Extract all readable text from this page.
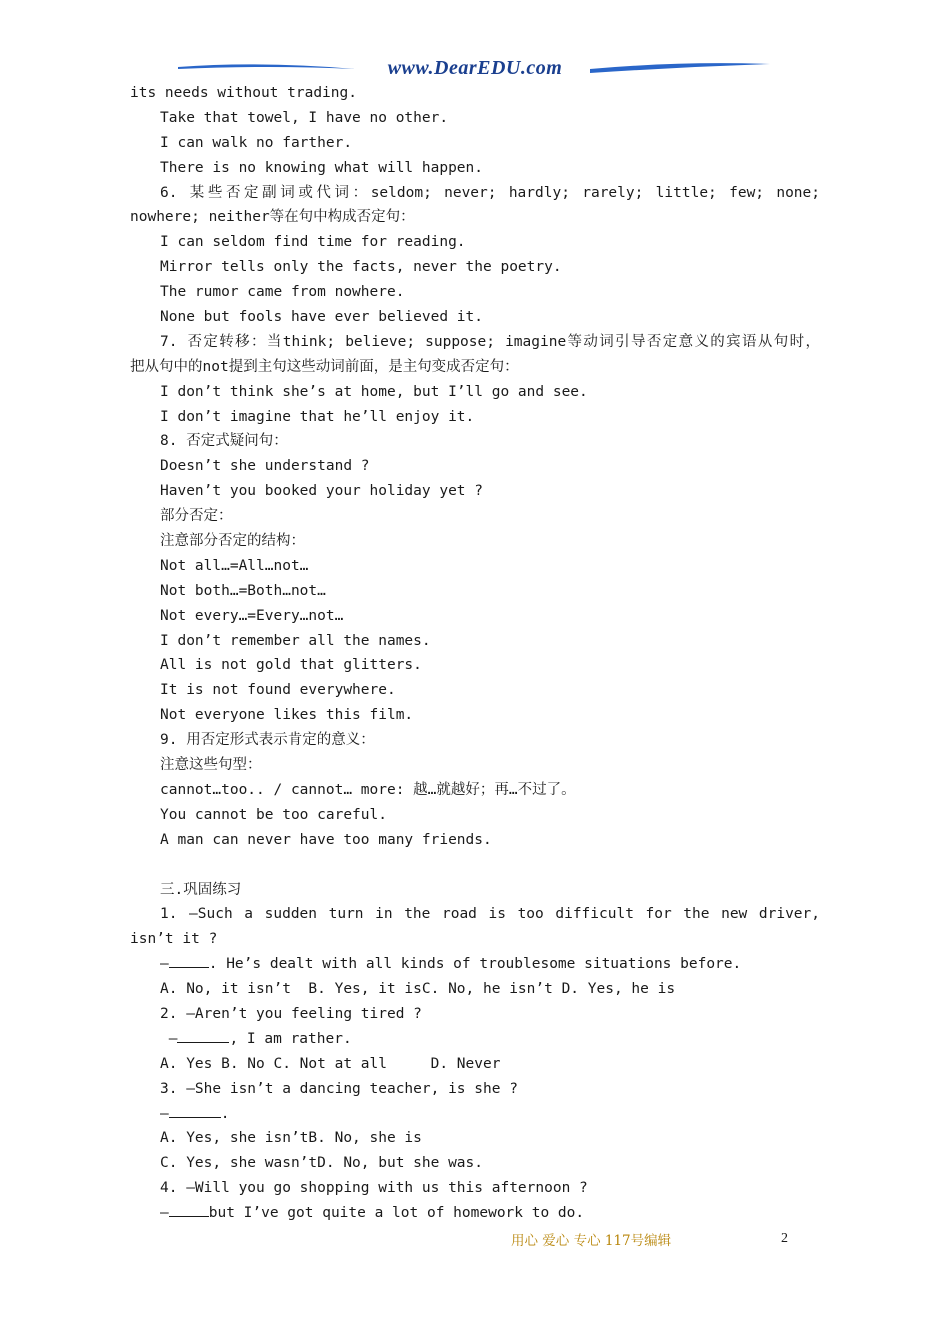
www.DearEDU.com
its needs without trading.
Take that towel, I have no other.
I can walk no farther.
There is no knowing what will happen.
6. 某些否定副词或代词：seldom; never; hardly; rarely; little; few; none;
nowhere; neither等在句中构成否定句：
I can seldom find time for reading.
Mirror tells only the facts, never the poetry.
The rumor came from nowhere.
None but fools have ever believed it.
7. 否定转移：当think; believe; suppose; imagine等动词引导否定意义的宾语从句时，
把从句中的not提到主句这些动词前面，是主句变成否定句：
I don’t think she’s at home, but I’ll go and see.
I don’t imagine that he’ll enjoy it.
8. 否定式疑问句：
Doesn’t she understand ?
Haven’t you booked your holiday yet ?
部分否定：
注意部分否定的结构：
Not all…=All…not…
Not both…=Both…not…
Not every…=Every…not…
I don’t remember all the names.
All is not gold that glitters.
It is not found everywhere.
Not everyone likes this film.
9. 用否定形式表示肯定的意义：
注意这些句型：
cannot…too.. / cannot… more: 越…就越好；再…不过了。
You cannot be too careful.
A man can never have too many friends.
三.巩固练习
1. —Such a sudden turn in the road is too difficult for the new driver,
isn’t it ?
—	. He’s dealt with all kinds of troublesome situations before.
A. No, it isn’t  B. Yes, it isC. No, he isn’t D. Yes, he is
2. —Aren’t you feeling tired ?
—	, I am rather.
A. Yes B. No C. Not at all     D. Never
3. —She isn’t a dancing teacher, is she ?
—	.
A. Yes, she isn’tB. No, she is
C. Yes, she wasn’tD. No, but she was.
4. —Will you go shopping with us this afternoon ?
—	but I’ve got quite a lot of homework to do.
用心 爱心 专心 117号编辑	2
